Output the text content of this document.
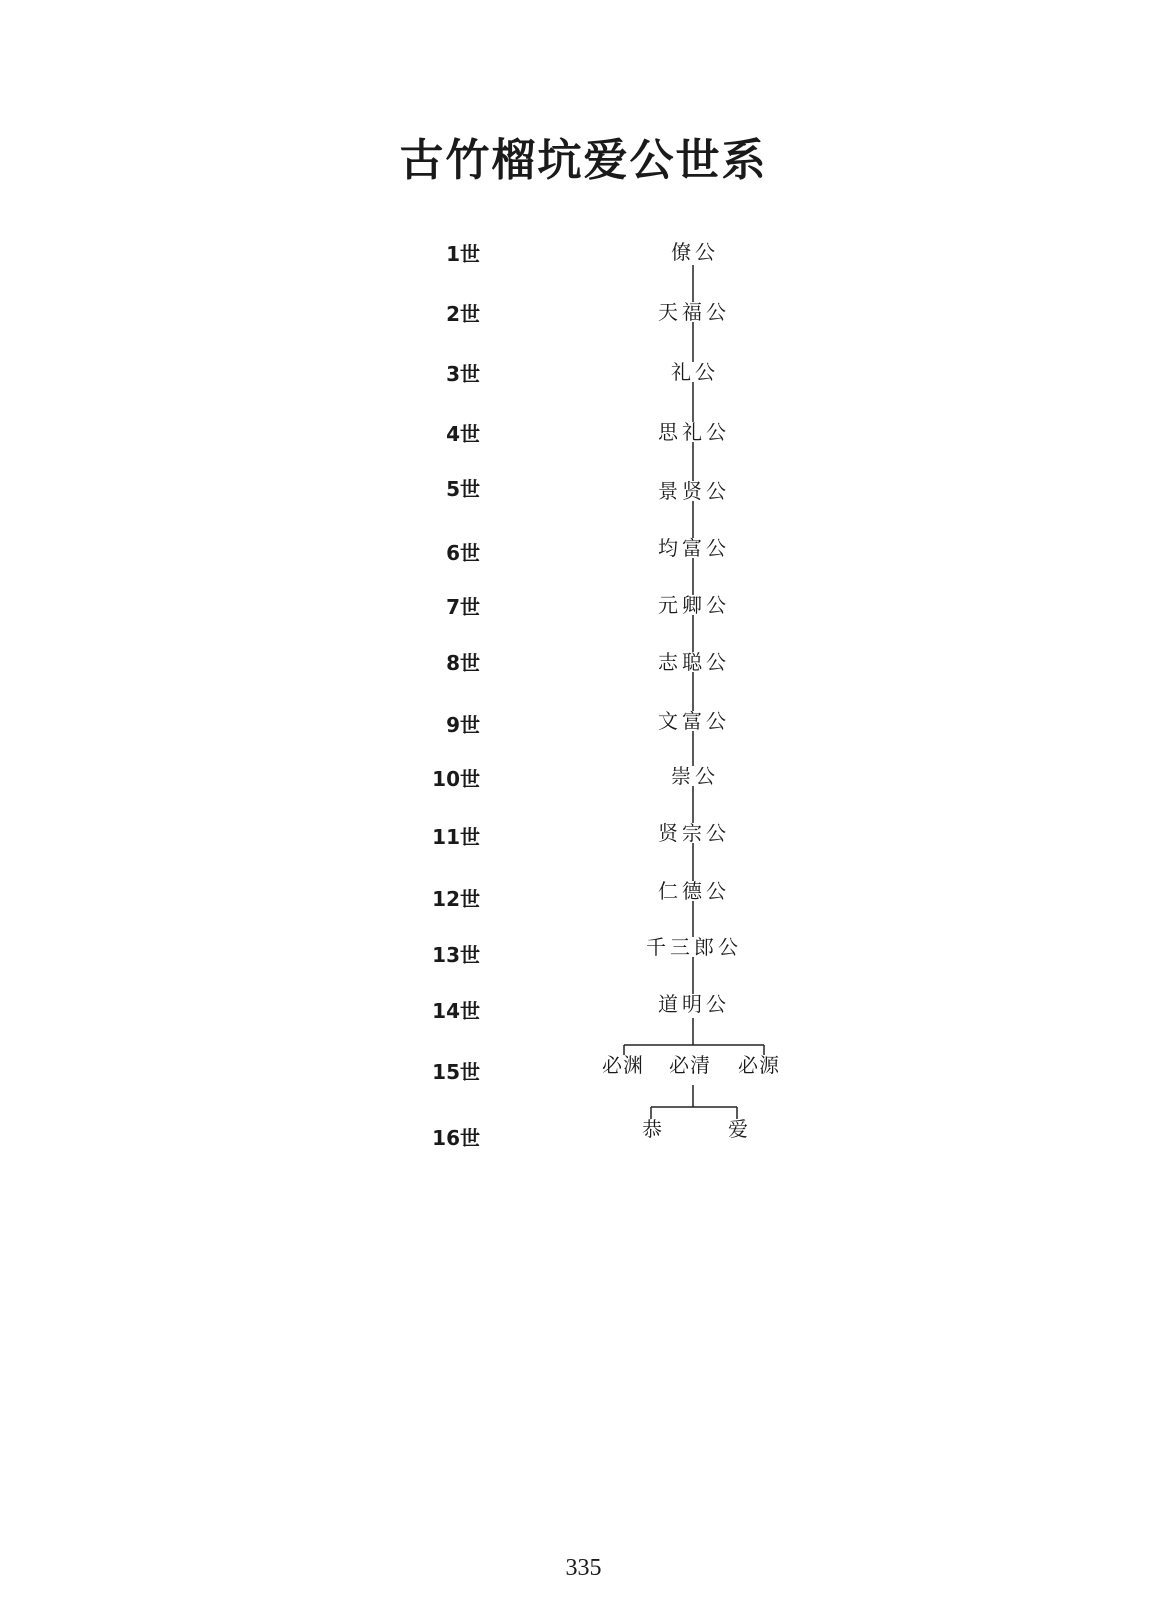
古竹榴坑爱公世系
1世
2世
3世
4世
5世
6世
7世
8世
9世
10世
11世
12世
13世
14世
15世
16世
僚公
天福公
礼公
思礼公
景贤公
均富公
元卿公
志聪公
文富公
崇公
贤宗公
仁德公
千三郎公
道明公
必渊 必清 必源
恭	爱
335
